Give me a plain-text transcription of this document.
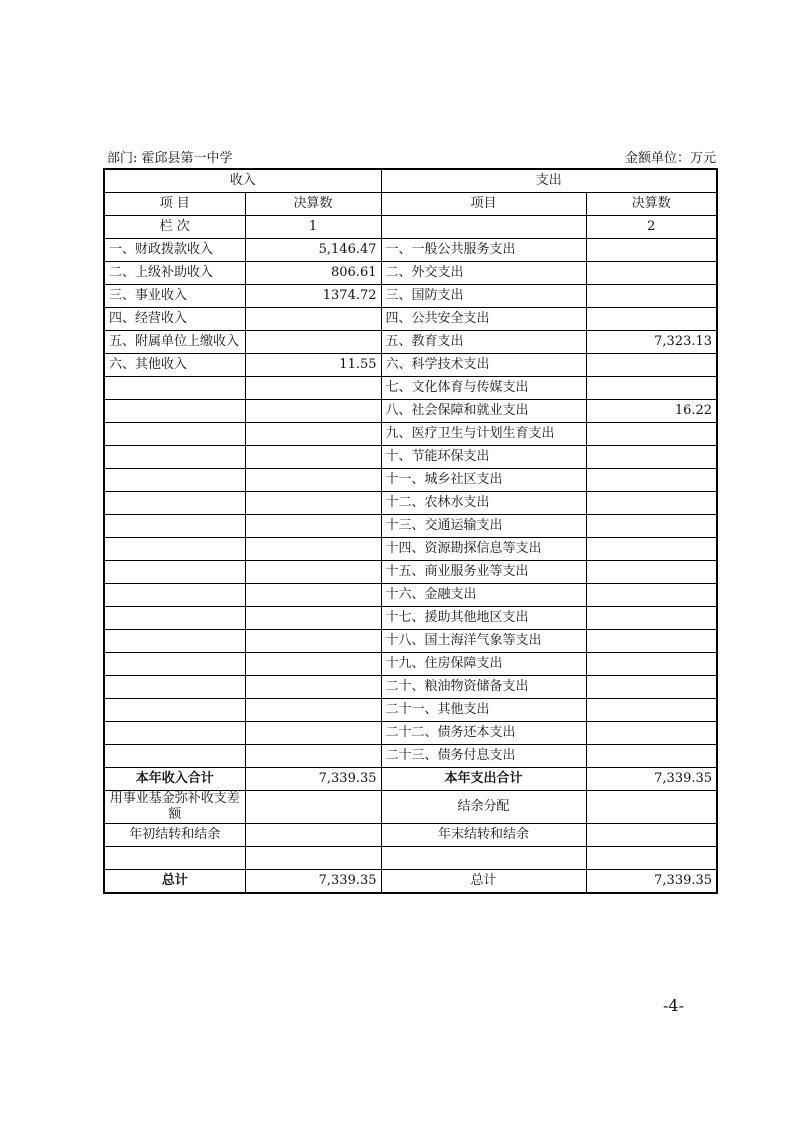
部门: 霍邱县第一中学	金额单位：万元
收入		支出	
项 目	决算数	项目	决算数
栏 次	1		2
一、财政拨款收入	5,146.47	一、一般公共服务支出	
二、上级补助收入	806.61	二、外交支出	
三、事业收入	1374.72	三、国防支出	
四、经营收入		四、公共安全支出	
五、附属单位上缴收入		五、教育支出	7,323.13
六、其他收入	11.55	六、科学技术支出	
		七、文化体育与传媒支出	
		八、社会保障和就业支出	16.22
		九、医疗卫生与计划生育支出	
		十、节能环保支出	
		十一、城乡社区支出	
		十二、农林水支出	
		十三、交通运输支出	
		十四、资源勘探信息等支出	
		十五、商业服务业等支出	
		十六、金融支出	
		十七、援助其他地区支出	
		十八、国土海洋气象等支出	
		十九、住房保障支出	
		二十、粮油物资储备支出	
		二十一、其他支出	
		二十二、债务还本支出	
		二十三、债务付息支出	
本年收入合计	7,339.35	本年支出合计	7,339.35
用事业基金弥补收支差额		结余分配	
年初结转和结余		年末结转和结余	

总计	7,339.35	总计	7,339.35
-4-
